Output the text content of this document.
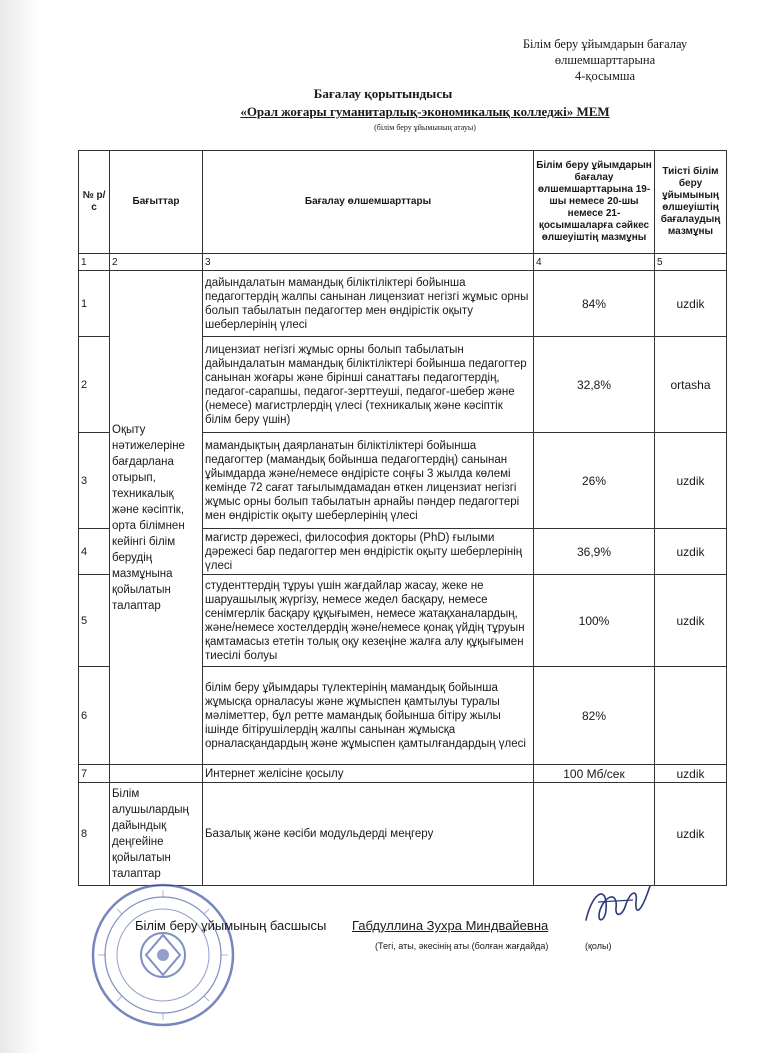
Білім беру ұйымдарын бағалау
өлшемшарттарына
4-қосымша
Бағалау қорытындысы
«Орал жоғары гуманитарлық-экономикалық колледжі» МЕМ
(білім беру ұйымының атауы)
№ р/с	Бағыттар	Бағалау өлшемшарттары	Білім беру ұйымдарын бағалау өлшемшарттарына 19-шы немесе 20-шы немесе 21-қосымшаларға сәйкес өлшеуіштің мазмұны	Тиісті білім беру ұйымының өлшеуіштің бағалаудың мазмұны
1	2	3	4	5
1	Оқыту нәтижелеріне бағдарлана отырып, техникалық және кәсіптік, орта білімнен кейінгі білім берудің мазмұнына қойылатын талаптар	дайындалатын мамандық біліктіліктері бойынша педагогтердің жалпы санынан лицензиат негізгі жұмыс орны болып табылатын педагогтер мен өндірістік оқыту шеберлерінің үлесі	84%	uzdik
2		лицензиат негізгі жұмыс орны болып табылатын дайындалатын мамандық біліктіліктері бойынша педагогтер санынан жоғары және бірінші санаттағы педагогтердің, педагог-сарапшы, педагог-зерттеуші, педагог-шебер және (немесе) магистрлердің үлесі (техникалық және кәсіптік білім беру үшін)	32,8%	ortasha
3		мамандықтың даярланатын біліктіліктері бойынша педагогтер (мамандық бойынша педагогтердің) санынан ұйымдарда және/немесе өндірісте соңғы 3 жылда көлемі кемінде 72 сағат тағылымдамадан өткен лицензиат негізгі жұмыс орны болып табылатын арнайы пәндер педагогтері мен өндірістік оқыту шеберлерінің үлесі	26%	uzdik
4		магистр дәрежесі, философия докторы (PhD) ғылыми дәрежесі бар педагогтер мен өндірістік оқыту шеберлерінің үлесі	36,9%	uzdik
5		студенттердің тұруы үшін жағдайлар жасау, жеке не шаруашылық жүргізу, немесе жедел басқару, немесе сенімгерлік басқару құқығымен, немесе жатақханалардың, және/немесе хостелдердің және/немесе қонақ үйдің тұруын қамтамасыз ететін толық оқу кезеңіне жалға алу құқығымен тиесілі болуы	100%	uzdik
6		білім беру ұйымдары түлектерінің мамандық бойынша жұмысқа орналасуы және жұмыспен қамтылуы туралы мәліметтер, бұл ретте мамандық бойынша бітіру жылы ішінде бітірушілердің жалпы санынан жұмысқа орналасқандардың және жұмыспен қамтылғандардың үлесі	82%	
7		Интернет желісіне қосылу	100 Мб/сек	uzdik
8	Білім алушылардың дайындық деңгейіне қойылатын талаптар	Базалық және кәсіби модульдерді меңгеру		uzdik
Білім беру ұйымының басшысы Габдуллина Зухра Миндвайевна
(Тегі, аты, әкесінің аты (болған жағдайда)	(қолы)
